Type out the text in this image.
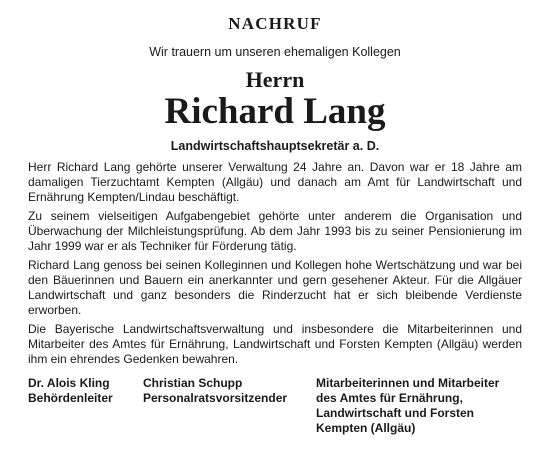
NACHRUF
Wir trauern um unseren ehemaligen Kollegen
Herrn
Richard Lang
Landwirtschaftshauptsekretär a. D.

Herr Richard Lang gehörte unserer Verwaltung 24 Jahre an. Davon war er 18 Jahre am damaligen Tierzuchtamt Kempten (Allgäu) und danach am Amt für Landwirtschaft und Ernährung Kempten/Lindau beschäftigt.

Zu seinem vielseitigen Aufgabengebiet gehörte unter anderem die Organisation und Überwachung der Milchleistungsprüfung. Ab dem Jahr 1993 bis zu seiner Pensionierung im Jahr 1999 war er als Techniker für Förderung tätig.

Richard Lang genoss bei seinen Kolleginnen und Kollegen hohe Wertschätzung und war bei den Bäuerinnen und Bauern ein anerkannter und gern gesehener Akteur. Für die Allgäuer Landwirtschaft und ganz besonders die Rinderzucht hat er sich bleibende Verdienste erworben.

Die Bayerische Landwirtschaftsverwaltung und insbesondere die Mitarbeiterinnen und Mitarbeiter des Amtes für Ernährung, Landwirtschaft und Forsten Kempten (Allgäu) werden ihm ein ehrendes Gedenken bewahren.

Dr. Alois Kling
Behördenleiter
Christian Schupp
Personalratsvorsitzender
Mitarbeiterinnen und Mitarbeiter
des Amtes für Ernährung,
Landwirtschaft und Forsten
Kempten (Allgäu)
